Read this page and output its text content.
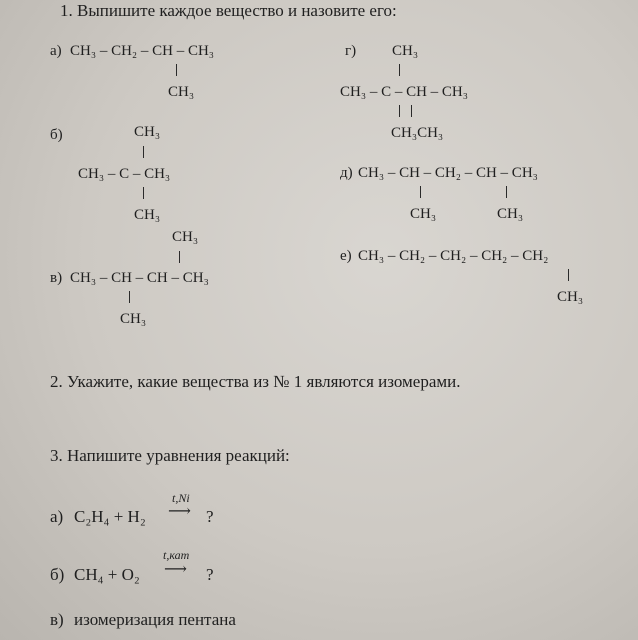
1. Выпишите каждое вещество и назовите его:
а) CH₃ – CH₂ – CH – CH₃
CH₃
б)	CH₃
CH₃ – C – CH₃
CH₃
CH₃
в) CH₃ – CH – CH – CH₃
CH₃
г) CH₃
CH₃ – C – CH – CH₃
CH₃CH₃
д) CH₃ – CH – CH₂ – CH – CH₃
CH₃	CH₃
е) CH₃ – CH₂ – CH₂ – CH₂ – CH₂
CH₃
2. Укажите, какие вещества из № 1 являются изомерами.
3. Напишите уравнения реакций:
а) C₂H₄ + H₂
t,Ni
⟶ ?
б) CH₄ + O₂
t,кат
⟶ ?
в) изомеризация пентана
